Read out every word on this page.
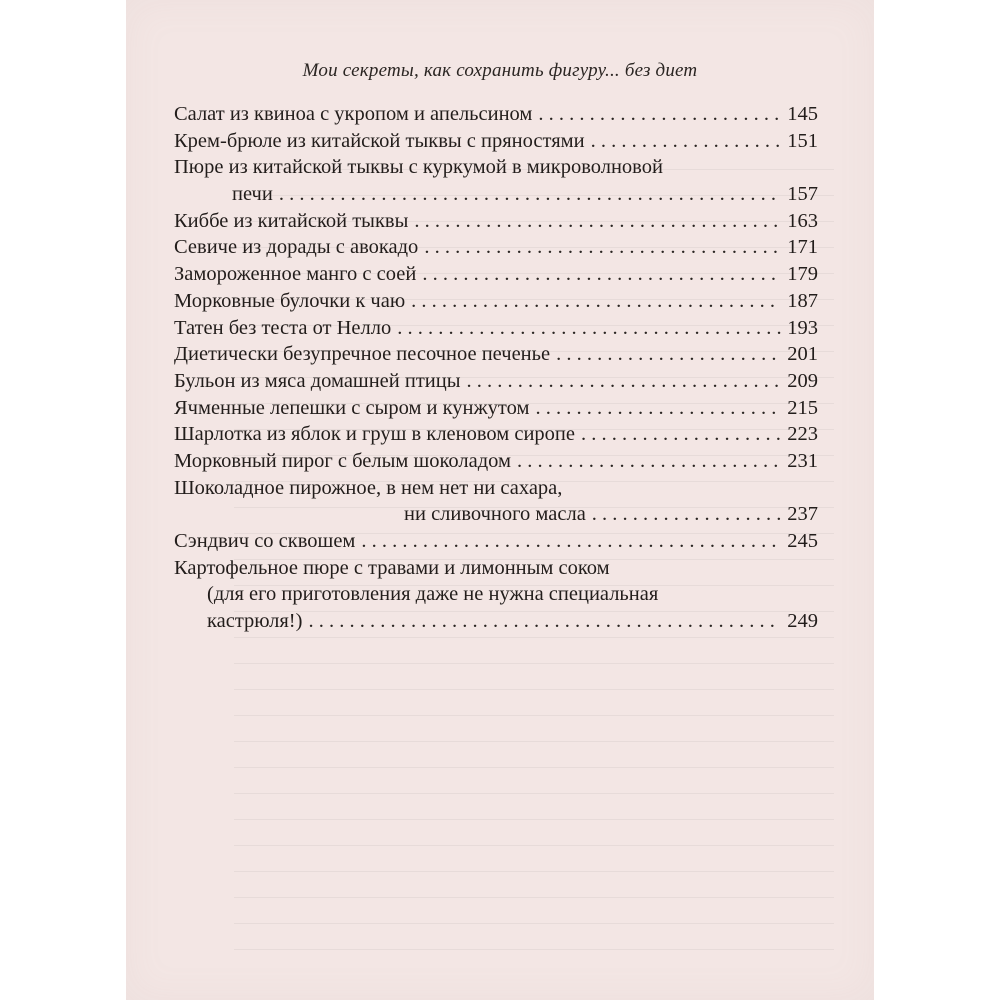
Мои секреты, как сохранить фигуру... без диет
Салат из квиноа с укропом и апельсином . . .	145
Крем-брюле из китайской тыквы с пряностями . . .	151
Пюре из китайской тыквы с куркумой в микроволновой
печи . . .	157
Киббе из китайской тыквы . . .	163
Севиче из дорады с авокадо . . .	171
Замороженное манго с соей . . .	179
Морковные булочки к чаю . . .	187
Татен без теста от Нелло . . .	193
Диетически безупречное песочное печенье . . .	201
Бульон из мяса домашней птицы . . .	209
Ячменные лепешки с сыром и кунжутом . . .	215
Шарлотка из яблок и груш в кленовом сиропе . . .	223
Морковный пирог с белым шоколадом . . .	231
Шоколадное пирожное, в нем нет ни сахара,
ни сливочного масла . . .	237
Сэндвич со сквошем . . .	245
Картофельное пюре с травами и лимонным соком
(для его приготовления даже не нужна специальная
кастрюля!) . . .	249
